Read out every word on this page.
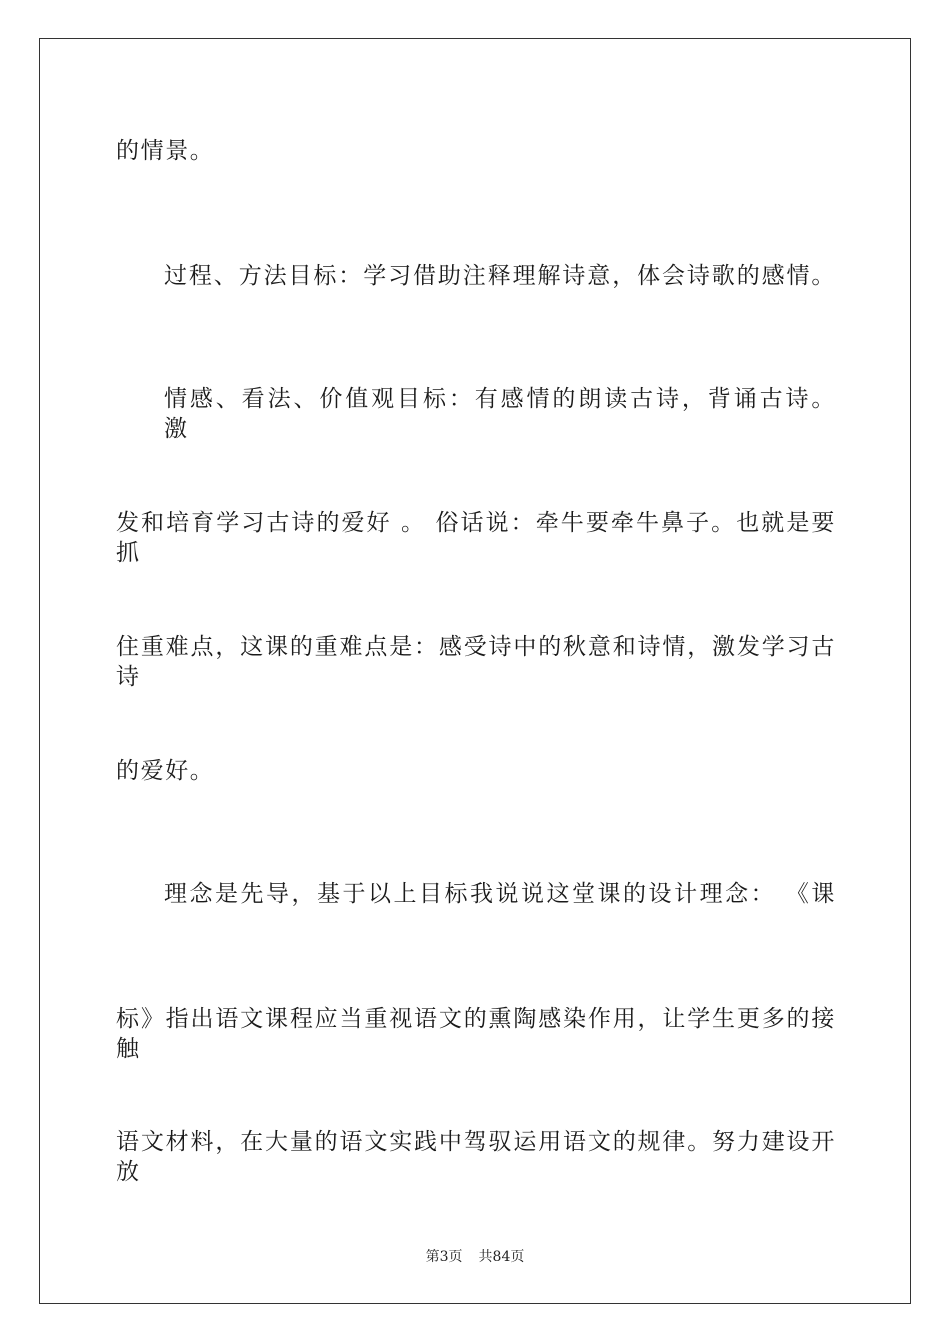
的情景。
过程、方法目标：学习借助注释理解诗意，体会诗歌的感情。
情感、看法、价值观目标：有感情的朗读古诗，背诵古诗。 激
发和培育学习古诗的爱好 。 俗话说：牵牛要牵牛鼻子。也就是要抓
住重难点，这课的重难点是：感受诗中的秋意和诗情，激发学习古诗
的爱好。
理念是先导，基于以上目标我说说这堂课的设计理念： 《课
标》指出语文课程应当重视语文的熏陶感染作用，让学生更多的接触
语文材料，在大量的语文实践中驾驭运用语文的规律。努力建设开放
第3页 共84页
